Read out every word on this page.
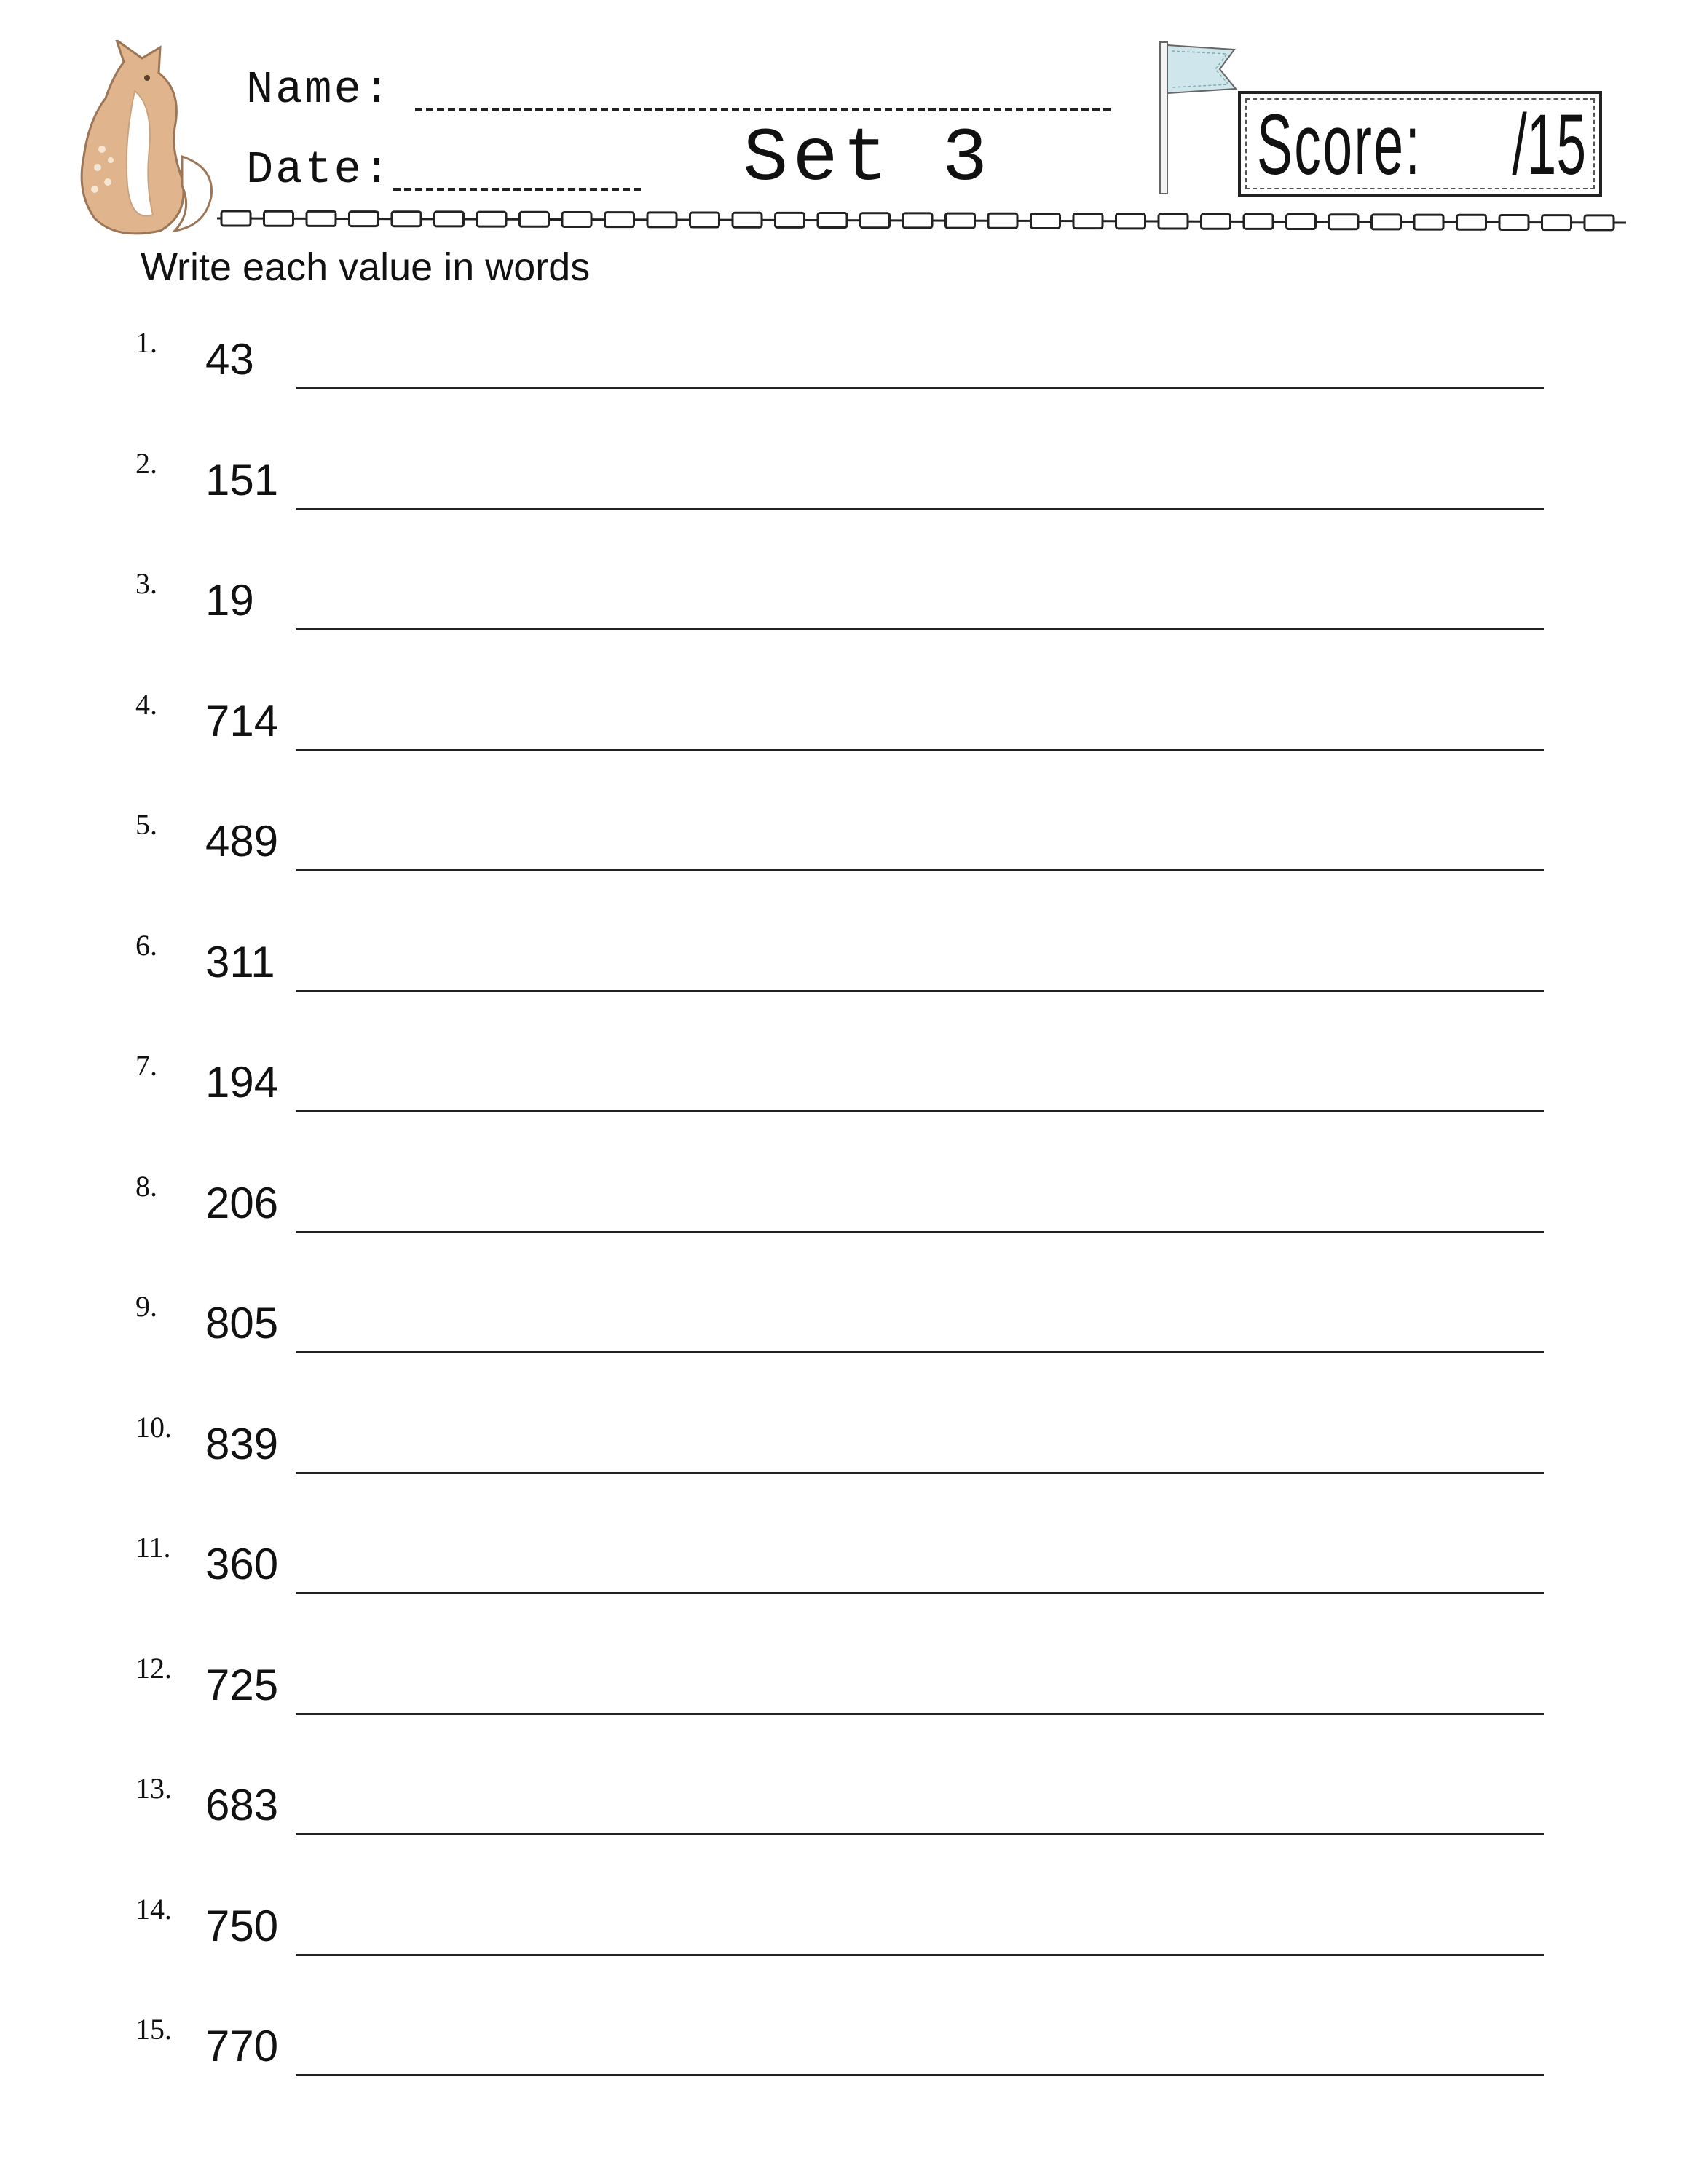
Name:
Date:	Set 3	Score: /15
Write each value in words
1. 43
2. 151
3. 19
4. 714
5. 489
6. 311
7. 194
8. 206
9. 805
10. 839
11. 360
12. 725
13. 683
14. 750
15. 770
